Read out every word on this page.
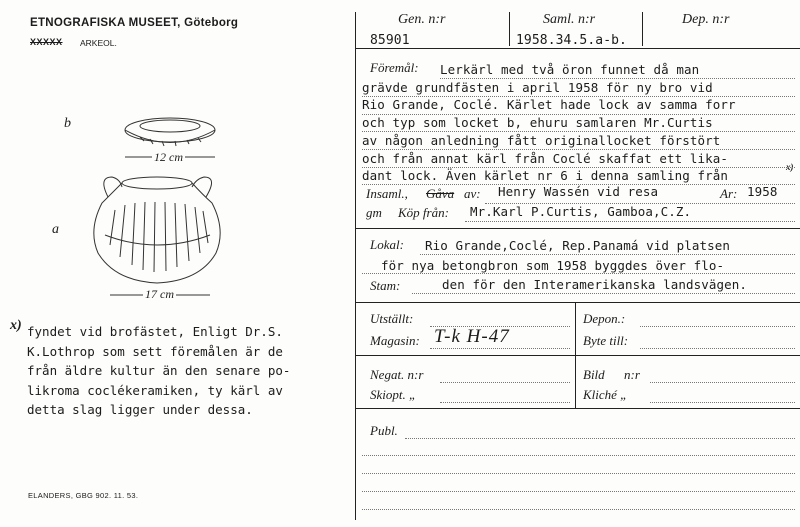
ETNOGRAFISKA MUSEET, Göteborg
XXXXX ARKEOL.
b
12 cm
a
17 cm
x) fyndet vid brofästet, Enligt Dr.S.
K.Lothrop som sett föremålen är de
från äldre kultur än den senare po-
likroma coclékeramiken, ty kärl av
detta slag ligger under dessa.
ELANDERS, GBG 902. 11. 53.
Gen. n:r	Saml. n:r	Dep. n:r
85901	1958.34.5.a-b.
Föremål:	Lerkärl med två öron funnet då man
grävde grundfästen i april 1958 för ny bro vid
Rio Grande, Coclé. Kärlet hade lock av samma forr
och typ som locket b, ehuru samlaren Mr.Curtis
av någon anledning fått originallocket förstört
och från annat kärl från Coclé skaffat ett lika-
dant lock. Även kärlet nr 6 i denna samling från
x)
Insaml., Gåva av: Henry Wassén vid resa	Ar: 1958
gm Köp från: Mr.Karl P.Curtis, Gamboa,C.Z.
Lokal: Rio Grande,Coclé, Rep.Panamá vid platsen
för nya betongbron som 1958 byggdes över flo-
den för den Interamerikanska landsvägen.
Stam:
Utställt:	Depon.:
Magasin: T-k H-47	Byte till:
Negat. n:r	Bild n:r
Skiopt. „	Kliché „
Publ.
